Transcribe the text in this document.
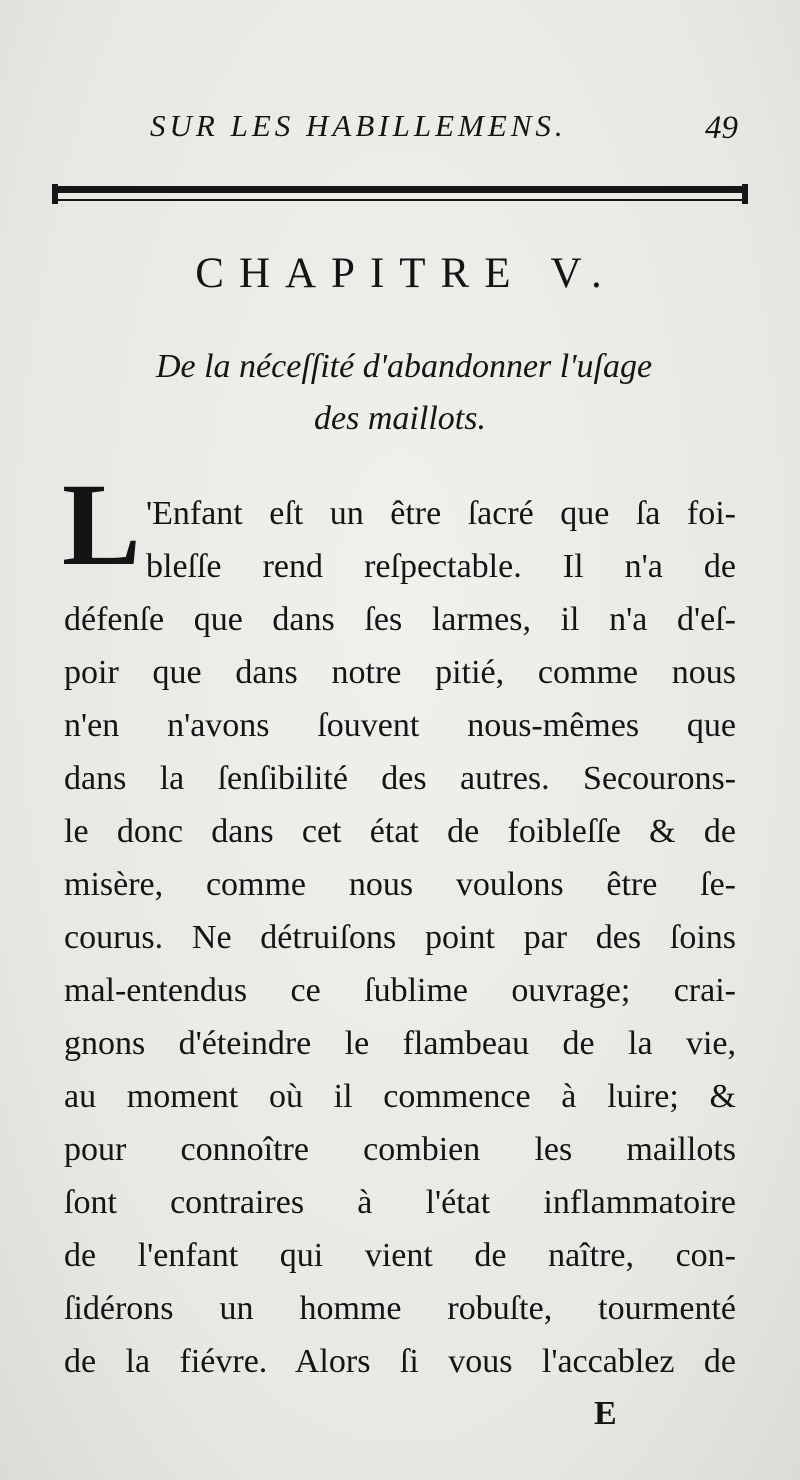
SUR LES HABILLEMENS.	49
CHAPITRE V.
De la néceſſité d'abandonner l'uſage
des maillots.
L 'Enfant eſt un être ſacré que ſa foi-
bleſſe rend reſpectable. Il n'a de
défenſe que dans ſes larmes, il n'a d'eſ-
poir que dans notre pitié, comme nous
n'en n'avons ſouvent nous-mêmes que
dans la ſenſibilité des autres. Secourons-
le donc dans cet état de foibleſſe & de
misère, comme nous voulons être ſe-
courus. Ne détruiſons point par des ſoins
mal-entendus ce ſublime ouvrage; crai-
gnons d'éteindre le flambeau de la vie,
au moment où il commence à luire; &
pour connoître combien les maillots
ſont contraires à l'état inflammatoire
de l'enfant qui vient de naître, con-
ſidérons un homme robuſte, tourmenté
de la fiévre. Alors ſi vous l'accablez de
E
